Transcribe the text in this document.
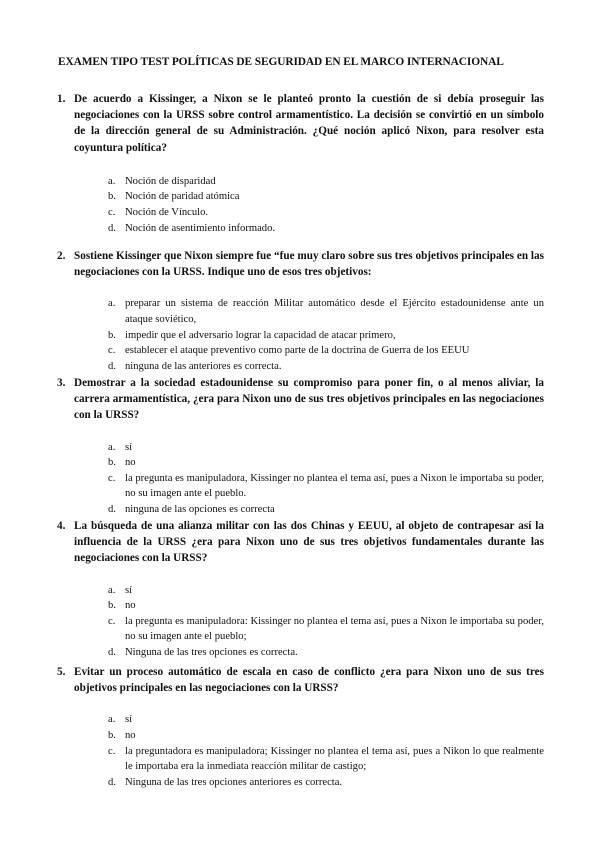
EXAMEN TIPO TEST POLÍTICAS DE SEGURIDAD EN EL MARCO INTERNACIONAL
1. De acuerdo a Kissinger, a Nixon se le planteó pronto la cuestión de si debía proseguir las negociaciones con la URSS sobre control armamentístico. La decisión se convirtió en un símbolo de la dirección general de su Administración. ¿Qué noción aplicó Nixon, para resolver esta coyuntura política?
a. Noción de disparidad
b. Noción de paridad atómica
c. Noción de Vínculo.
d. Noción de asentimiento informado.
2. Sostiene Kissinger que Nixon siempre fue “fue muy claro sobre sus tres objetivos principales en las negociaciones con la URSS. Indique uno de esos tres objetivos:
a. preparar un sistema de reacción Militar automático desde el Ejército estadounidense ante un ataque soviético,
b. impedir que el adversario lograr la capacidad de atacar primero,
c. establecer el ataque preventivo como parte de la doctrina de Guerra de los EEUU
d. ninguna de las anteriores es correcta.
3. Demostrar a la sociedad estadounidense su compromiso para poner fin, o al menos aliviar, la carrera armamentística, ¿era para Nixon uno de sus tres objetivos principales en las negociaciones con la URSS?
a. sí
b. no
c. la pregunta es manipuladora, Kissinger no plantea el tema así, pues a Nixon le importaba su poder, no su imagen ante el pueblo.
d. ninguna de las opciones es correcta
4. La búsqueda de una alianza militar con las dos Chinas y EEUU, al objeto de contrapesar así la influencia de la URSS ¿era para Nixon uno de sus tres objetivos fundamentales durante las negociaciones con la URSS?
a. sí
b. no
c. la pregunta es manipuladora: Kissinger no plantea el tema así, pues a Nixon le importaba su poder, no su imagen ante el pueblo;
d. Ninguna de las tres opciones es correcta.
5. Evitar un proceso automático de escala en caso de conflicto ¿era para Nixon uno de sus tres objetivos principales en las negociaciones con la URSS?
a. sí
b. no
c. la preguntadora es manipuladora; Kissinger no plantea el tema así, pues a Nikon lo que realmente le importaba era la inmediata reacción militar de castigo;
d. Ninguna de las tres opciones anteriores es correcta.
